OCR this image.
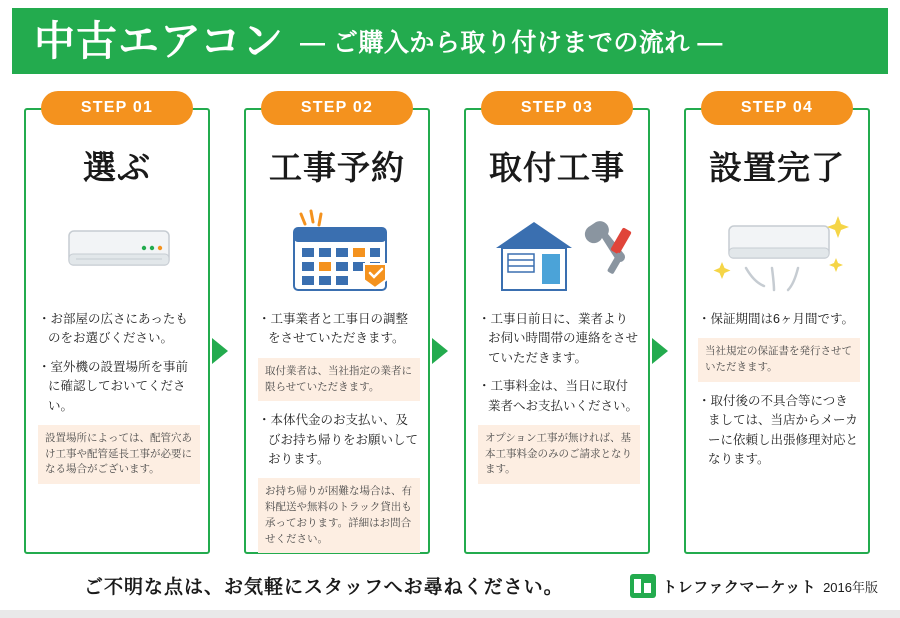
中古エアコン ― ご購入から取り付けまでの流れ ―
STEP 01
選ぶ
・お部屋の広さにあったものをお選びください。
・室外機の設置場所を事前に確認しておいてください。
設置場所によっては、配管穴あけ工事や配管延長工事が必要になる場合がございます。
STEP 02
工事予約
・工事業者と工事日の調整をさせていただきます。
取付業者は、当社指定の業者に限らせていただきます。
・本体代金のお支払い、及びお持ち帰りをお願いしております。
お持ち帰りが困難な場合は、有料配送や無料のトラック貸出も承っております。詳細はお問合せください。
STEP 03
取付工事
・工事日前日に、業者よりお伺い時間帯の連絡をさせていただきます。
・工事料金は、当日に取付業者へお支払いください。
オプション工事が無ければ、基本工事料金のみのご請求となります。
STEP 04
設置完了
・保証期間は6ヶ月間です。
当社規定の保証書を発行させていただきます。
・取付後の不具合等につきましては、当店からメーカーに依頼し出張修理対応となります。
ご不明な点は、お気軽にスタッフへお尋ねください。	トレファクマーケット 2016年版
